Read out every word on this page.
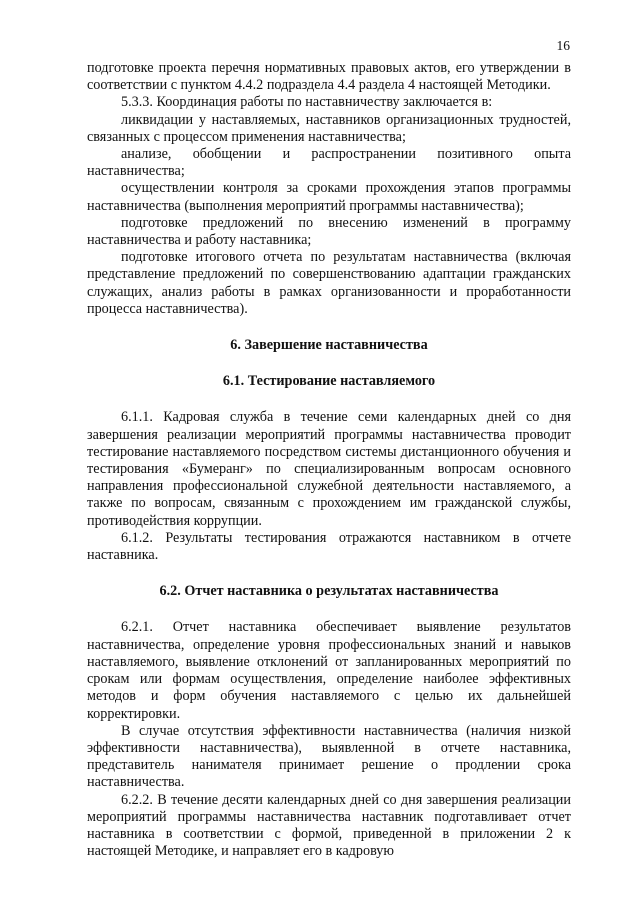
16

подготовке проекта перечня нормативных правовых актов, его утверждении в соответствии с пунктом 4.4.2 подраздела 4.4 раздела 4 настоящей Методики.

5.3.3. Координация работы по наставничеству заключается в:

ликвидации у наставляемых, наставников организационных трудностей, связанных с процессом применения наставничества;

анализе, обобщении и распространении позитивного опыта наставничества;

осуществлении контроля за сроками прохождения этапов программы наставничества (выполнения мероприятий программы наставничества);

подготовке предложений по внесению изменений в программу наставничества и работу наставника;

подготовке итогового отчета по результатам наставничества (включая представление предложений по совершенствованию адаптации гражданских служащих, анализ работы в рамках организованности и проработанности процесса наставничества).

6. Завершение наставничества
6.1. Тестирование наставляемого

6.1.1. Кадровая служба в течение семи календарных дней со дня завершения реализации мероприятий программы наставничества проводит тестирование наставляемого посредством системы дистанционного обучения и тестирования «Бумеранг» по специализированным вопросам основного направления профессиональной служебной деятельности наставляемого, а также по вопросам, связанным с прохождением им гражданской службы, противодействия коррупции.

6.1.2. Результаты тестирования отражаются наставником в отчете наставника.

6.2. Отчет наставника о результатах наставничества

6.2.1. Отчет наставника обеспечивает выявление результатов наставничества, определение уровня профессиональных знаний и навыков наставляемого, выявление отклонений от запланированных мероприятий по срокам или формам осуществления, определение наиболее эффективных методов и форм обучения наставляемого с целью их дальнейшей корректировки.

В случае отсутствия эффективности наставничества (наличия низкой эффективности наставничества), выявленной в отчете наставника, представитель нанимателя принимает решение о продлении срока наставничества.

6.2.2. В течение десяти календарных дней со дня завершения реализации мероприятий программы наставничества наставник подготавливает отчет наставника в соответствии с формой, приведенной в приложении 2 к настоящей Методике, и направляет его в кадровую
